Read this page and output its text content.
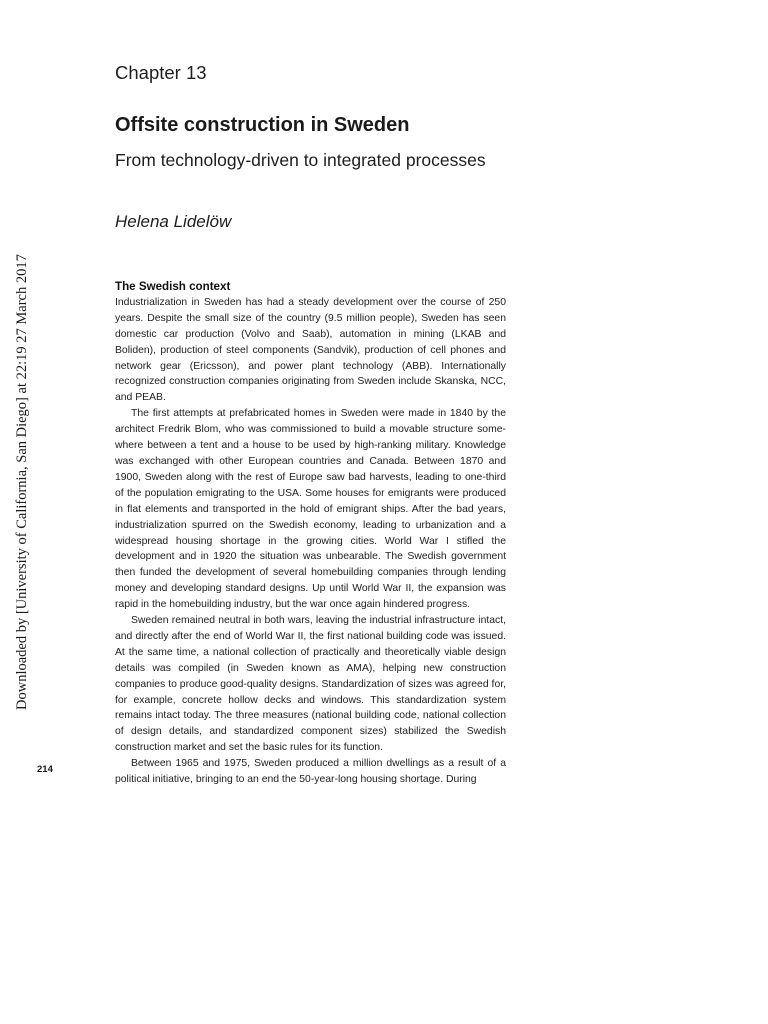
Downloaded by [University of California, San Diego] at 22:19 27 March 2017
Chapter 13
Offsite construction in Sweden
From technology-driven to integrated processes
Helena Lidelöw
The Swedish context

Industrialization in Sweden has had a steady development over the course of 250 years. Despite the small size of the country (9.5 million people), Sweden has seen domestic car production (Volvo and Saab), automation in mining (LKAB and Boliden), production of steel components (Sandvik), production of cell phones and network gear (Ericsson), and power plant technology (ABB). Internationally recognized construction companies originating from Sweden include Skanska, NCC, and PEAB.

The first attempts at prefabricated homes in Sweden were made in 1840 by the architect Fredrik Blom, who was commissioned to build a movable structure somewhere between a tent and a house to be used by high-ranking military. Knowledge was exchanged with other European countries and Canada. Between 1870 and 1900, Sweden along with the rest of Europe saw bad harvests, leading to one-third of the population emigrating to the USA. Some houses for emigrants were produced in flat elements and transported in the hold of emigrant ships. After the bad years, industrialization spurred on the Swedish economy, leading to urbanization and a widespread housing shortage in the growing cities. World War I stifled the development and in 1920 the situation was unbearable. The Swedish government then funded the development of several homebuilding companies through lending money and developing standard designs. Up until World War II, the expansion was rapid in the homebuilding industry, but the war once again hindered progress.

Sweden remained neutral in both wars, leaving the industrial infrastructure intact, and directly after the end of World War II, the first national building code was issued. At the same time, a national collection of practically and theoretically viable design details was compiled (in Sweden known as AMA), helping new construction companies to produce good-quality designs. Standardization of sizes was agreed for, for example, concrete hollow decks and windows. This standardization system remains intact today. The three measures (national building code, national collection of design details, and standardized component sizes) stabilized the Swedish construction market and set the basic rules for its function.

Between 1965 and 1975, Sweden produced a million dwellings as a result of a political initiative, bringing to an end the 50-year-long housing shortage. During

214
